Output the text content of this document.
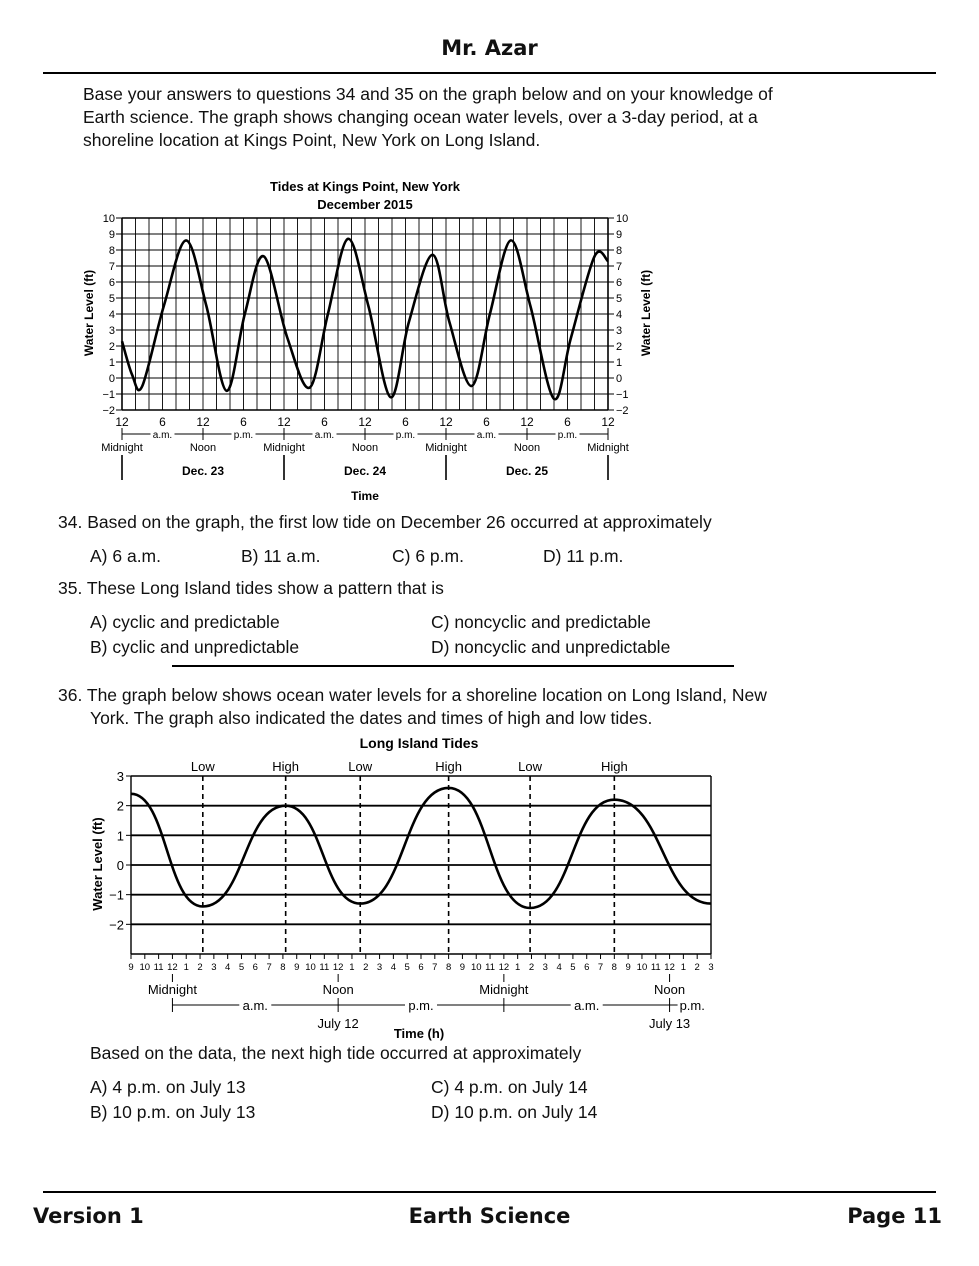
Mr. Azar
Base your answers to questions 34 and 35 on the graph below and on your knowledge of
Earth science. The graph shows changing ocean water levels, over a 3-day period, at a
shoreline location at Kings Point, New York on Long Island.
Tides at Kings Point, New York
December 2015
10
9
8
7
6
5
4
3
2
1
0
−1
−2
10
9
8
7
6
5
4
3
2
1
0
−1
−2
Water Level (ft)	Water Level (ft)
12	6	12	6	12	6	12	6	12	6	12	6	12
a.m.	p.m.	a.m.	p.m.	a.m.	p.m.
Midnight	Noon	Midnight	Noon	Midnight	Noon	Midnight
Dec. 23	Dec. 24	Dec. 25
Time
34. Based on the graph, the first low tide on December 26 occurred at approximately
A) 6 a.m.	B) 11 a.m.	C) 6 p.m.	D) 11 p.m.
35. These Long Island tides show a pattern that is
A) cyclic and predictable
B) cyclic and unpredictable
C) noncyclic and predictable
D) noncyclic and unpredictable
36. The graph below shows ocean water levels for a shoreline location on Long Island, New
York. The graph also indicated the dates and times of high and low tides.
Long Island Tides
Low	High	Low	High	Low	High
3
2
1
0
−1
−2
Water Level (ft)
9 10 11 12 1 2 3 4 5 6 7 8 9 10 11 12 1 2 3 4 5 6 7 8 9 10 11 12 1 2 3 4 5 6 7 8 9 10 11 12 1 2 3
Midnight	Noon	Midnight	Noon
a.m.	p.m.	a.m.	p.m.
July 12	July 13
Time (h)
Based on the data, the next high tide occurred at approximately
A) 4 p.m. on July 13
B) 10 p.m. on July 13
C) 4 p.m. on July 14
D) 10 p.m. on July 14
Version 1	Earth Science	Page 11
